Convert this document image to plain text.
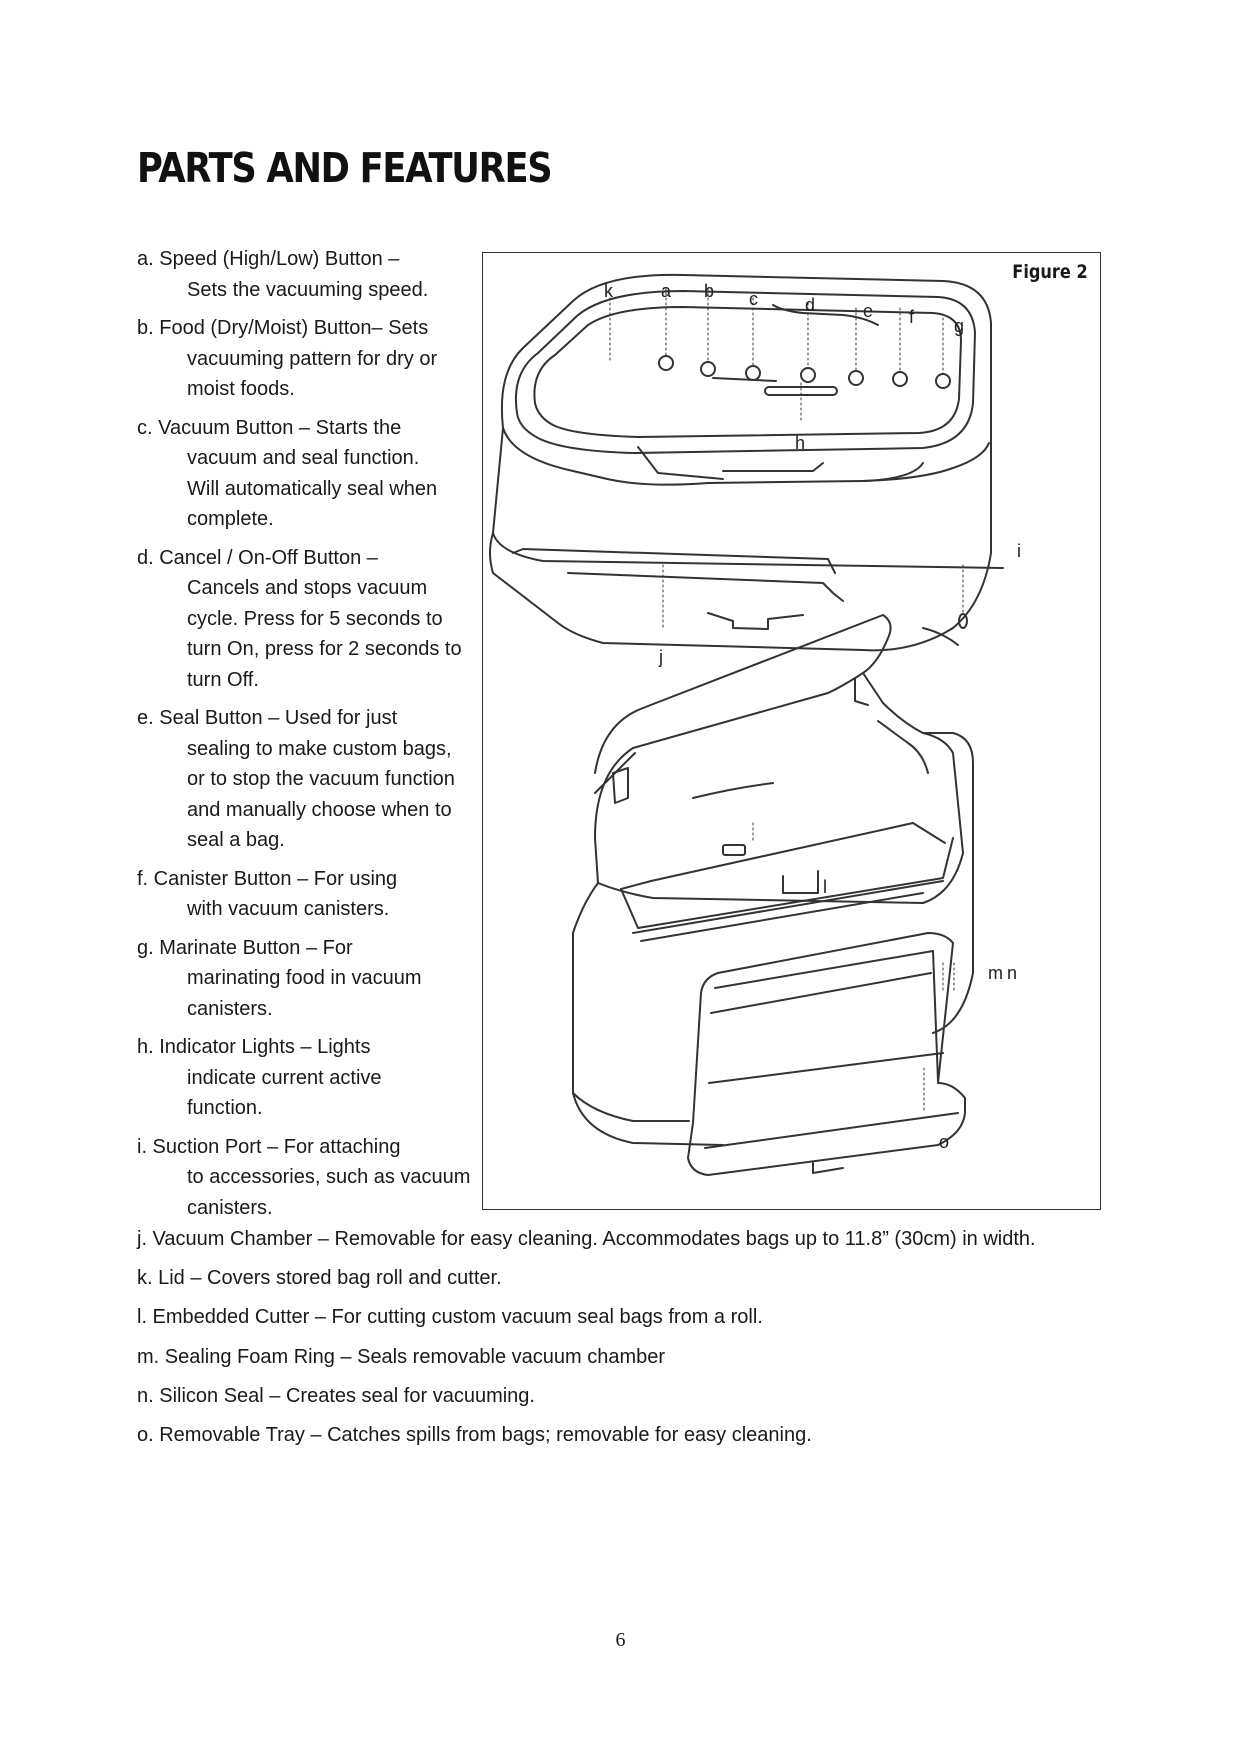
PARTS AND FEATURES
a. Speed (High/Low) Button –
Sets the vacuuming speed.
b. Food (Dry/Moist) Button– Sets
vacuuming pattern for dry or
moist foods.
c. Vacuum Button – Starts the
vacuum and seal function.
Will automatically seal when
complete.
d. Cancel / On-Off Button –
Cancels and stops vacuum
cycle. Press for 5 seconds to
turn On, press for 2 seconds to
turn Off.
e. Seal Button – Used for just
sealing to make custom bags,
or to stop the vacuum function
and manually choose when to
seal a bag.
f. Canister Button – For using
with vacuum canisters.
g. Marinate Button – For
marinating food in vacuum
canisters.
h. Indicator Lights – Lights
indicate current active
function.
i. Suction Port – For attaching
to accessories, such as vacuum
canisters.
k	a b c	d	e f g
h
i
j
l
m n
o
Figure 2
j. Vacuum Chamber – Removable for easy cleaning. Accommodates bags up to 11.8” (30cm) in width.
k. Lid – Covers stored bag roll and cutter.
l. Embedded Cutter – For cutting custom vacuum seal bags from a roll.
m. Sealing Foam Ring – Seals removable vacuum chamber
n. Silicon Seal – Creates seal for vacuuming.
o. Removable Tray – Catches spills from bags; removable for easy cleaning.
6
